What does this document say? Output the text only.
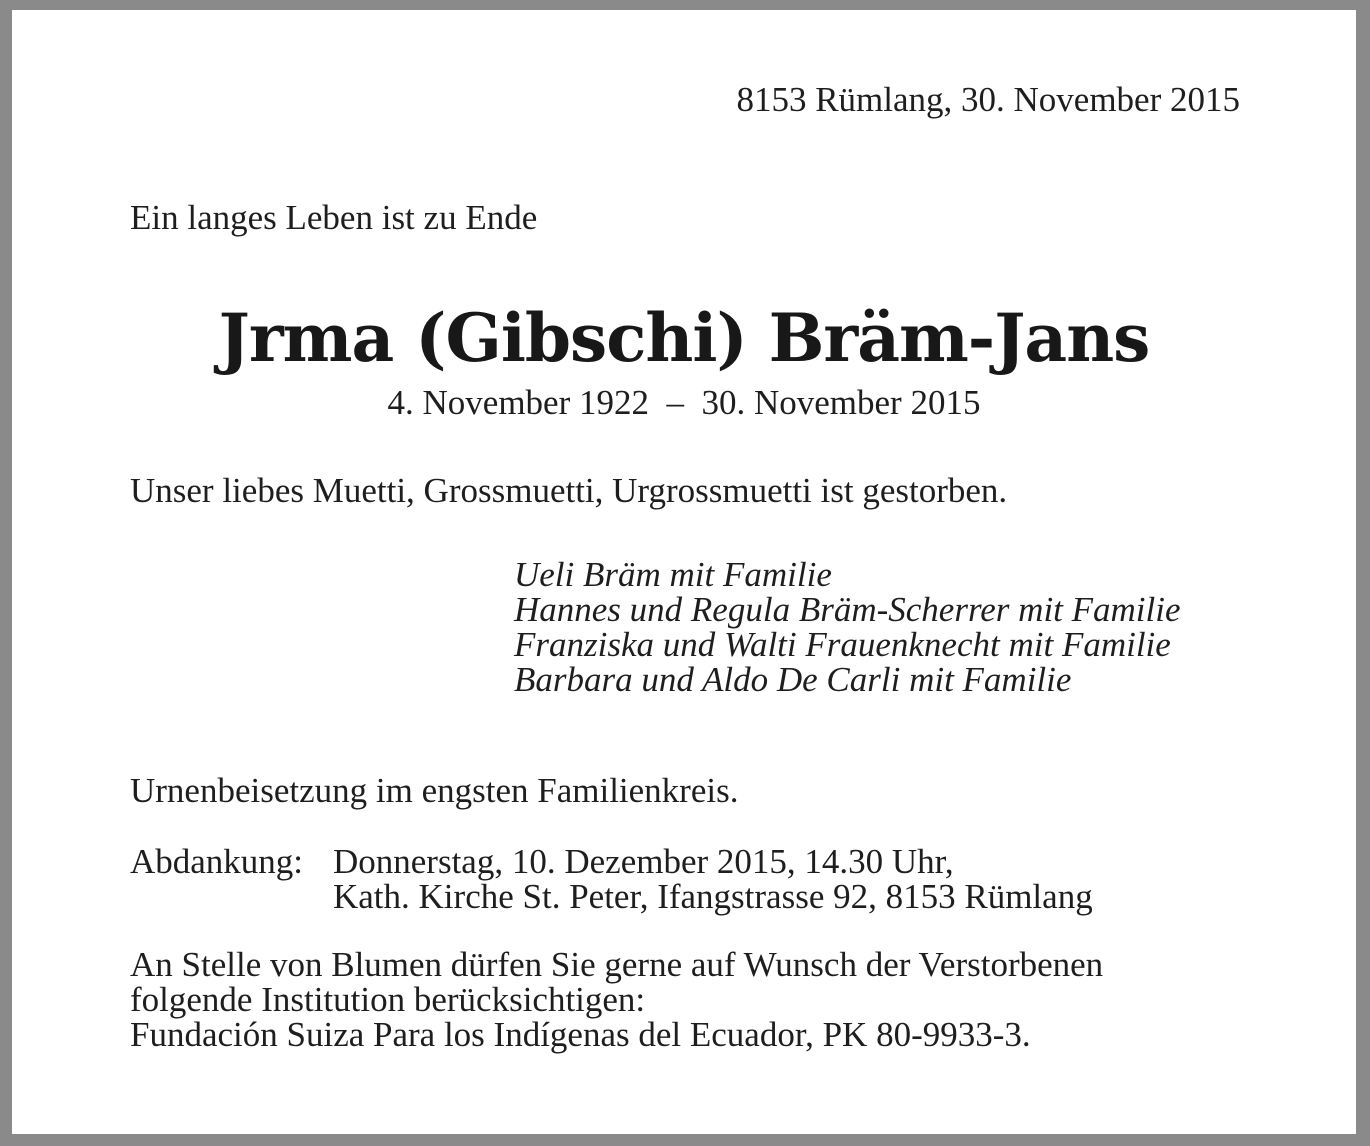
8153 Rümlang, 30. November 2015
Ein langes Leben ist zu Ende
Jrma (Gibschi) Bräm-Jans
4. November 1922  –  30. November 2015
Unser liebes Muetti, Grossmuetti, Urgrossmuetti ist gestorben.
Ueli Bräm mit Familie
Hannes und Regula Bräm-Scherrer mit Familie
Franziska und Walti Frauenknecht mit Familie
Barbara und Aldo De Carli mit Familie
Urnenbeisetzung im engsten Familienkreis.
Abdankung: Donnerstag, 10. Dezember 2015, 14.30 Uhr,
Kath. Kirche St. Peter, Ifangstrasse 92, 8153 Rümlang
An Stelle von Blumen dürfen Sie gerne auf Wunsch der Verstorbenen
folgende Institution berücksichtigen:
Fundación Suiza Para los Indígenas del Ecuador, PK 80-9933-3.
